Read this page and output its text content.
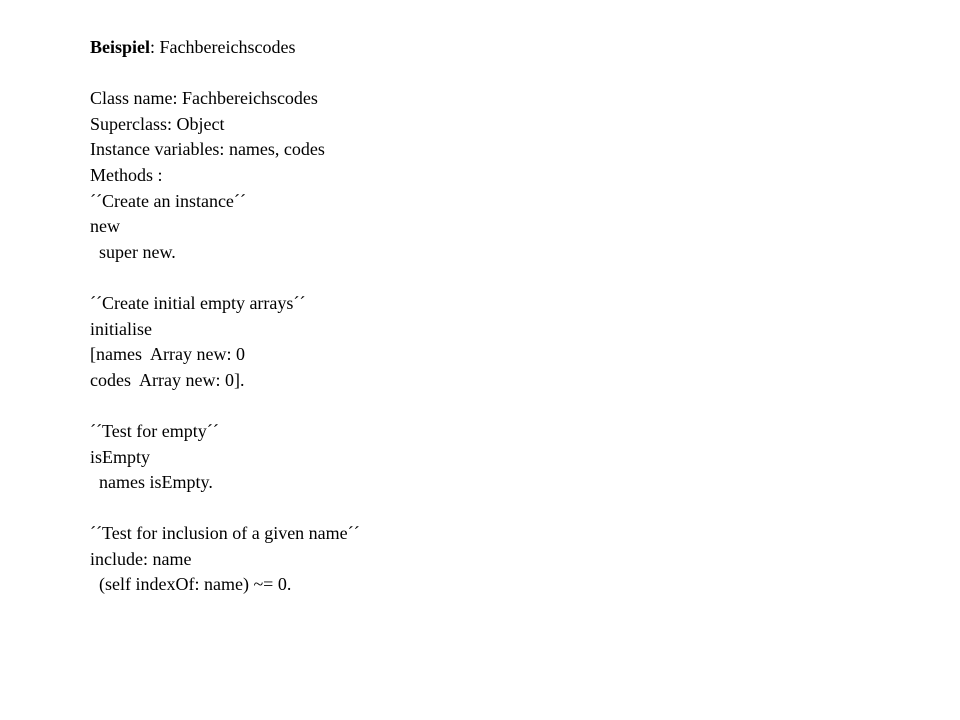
Beispiel: Fachbereichscodes
Class name: Fachbereichscodes
Superclass: Object
Instance variables: names, codes
Methods :
´´Create an instance´´
new
super new.
´´Create initial empty arrays´´
initialise
[names  Array new: 0
codes  Array new: 0].
´´Test for empty´´
isEmpty
names isEmpty.
´´Test for inclusion of a given name´´
include: name
(self indexOf: name) ~= 0.
